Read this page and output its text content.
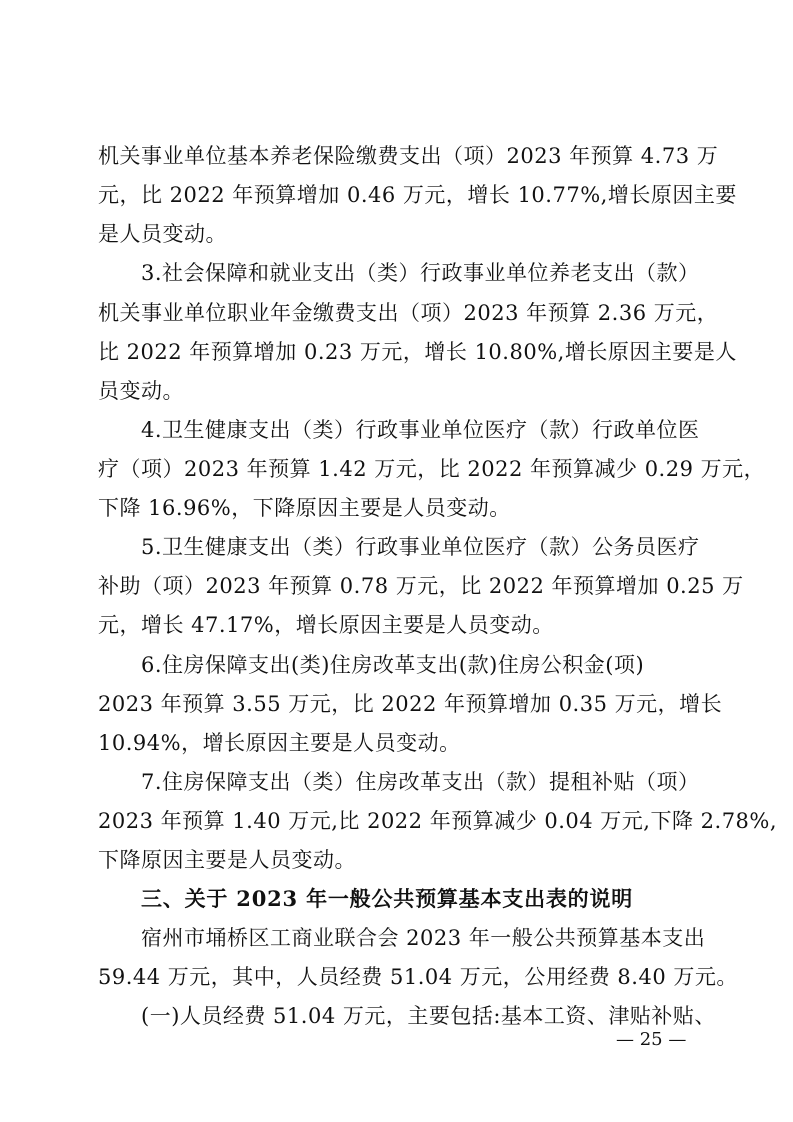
机关事业单位基本养老保险缴费支出（项）2023 年预算 4.73 万
元，比 2022 年预算增加 0.46 万元，增长 10.77%,增长原因主要
是人员变动。
3.社会保障和就业支出（类）行政事业单位养老支出（款）
机关事业单位职业年金缴费支出（项）2023 年预算 2.36 万元，
比 2022 年预算增加 0.23 万元，增长 10.80%,增长原因主要是人
员变动。
4.卫生健康支出（类）行政事业单位医疗（款）行政单位医
疗（项）2023 年预算 1.42 万元，比 2022 年预算减少 0.29 万元，
下降 16.96%，下降原因主要是人员变动。
5.卫生健康支出（类）行政事业单位医疗（款）公务员医疗
补助（项）2023 年预算 0.78 万元，比 2022 年预算增加 0.25 万
元，增长 47.17%，增长原因主要是人员变动。
6.住房保障支出(类)住房改革支出(款)住房公积金(项)
2023 年预算 3.55 万元，比 2022 年预算增加 0.35 万元，增长
10.94%，增长原因主要是人员变动。
7.住房保障支出（类）住房改革支出（款）提租补贴（项）
2023 年预算 1.40 万元,比 2022 年预算减少 0.04 万元,下降 2.78%,
下降原因主要是人员变动。
三、关于 2023 年一般公共预算基本支出表的说明
宿州市埇桥区工商业联合会 2023 年一般公共预算基本支出
59.44 万元，其中，人员经费 51.04 万元，公用经费 8.40 万元。
(一)人员经费 51.04 万元，主要包括:基本工资、津贴补贴、
— 25 —
